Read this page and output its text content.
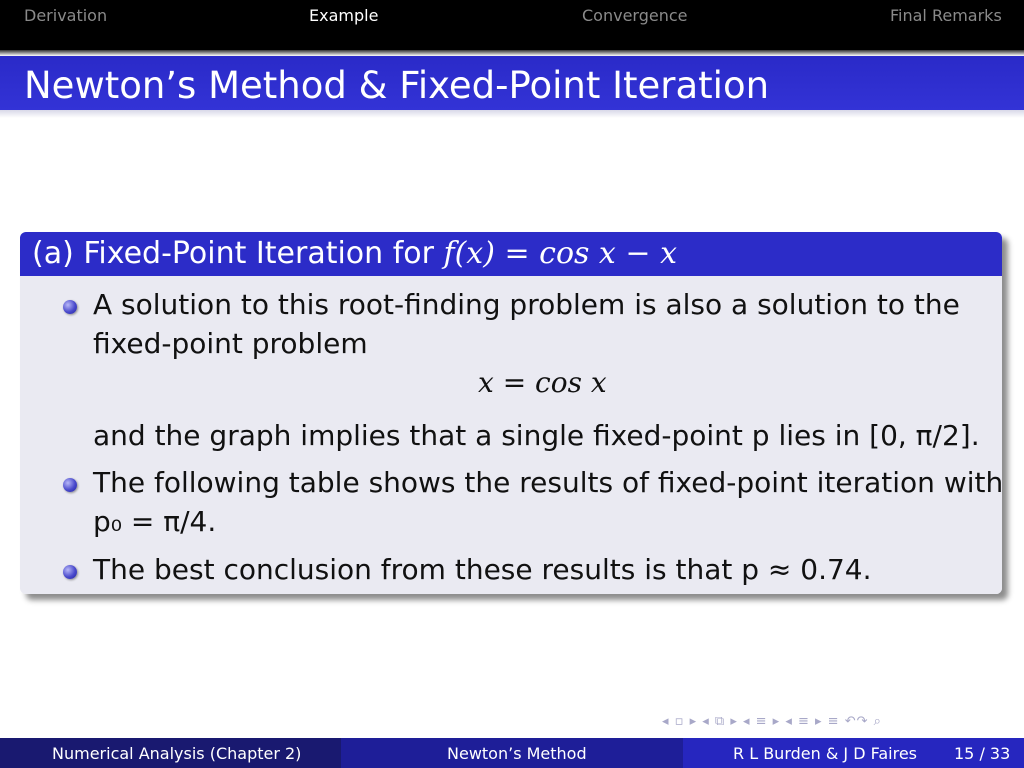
Derivation	Example	Convergence	Final Remarks
Newton’s Method & Fixed-Point Iteration
(a) Fixed-Point Iteration for f(x) = cos x − x
A solution to this root-finding problem is also a solution to the
fixed-point problem
x = cos x
and the graph implies that a single fixed-point p lies in [0, π/2].
The following table shows the results of fixed-point iteration with
p₀ = π/4.
The best conclusion from these results is that p ≈ 0.74.
◂ ▫ ▸ ◂ ⧉ ▸ ◂ ≡ ▸ ◂ ≡ ▸ ≡ ↶↷ ⌕
Numerical Analysis (Chapter 2)	Newton’s Method	R L Burden & J D Faires 15 / 33
